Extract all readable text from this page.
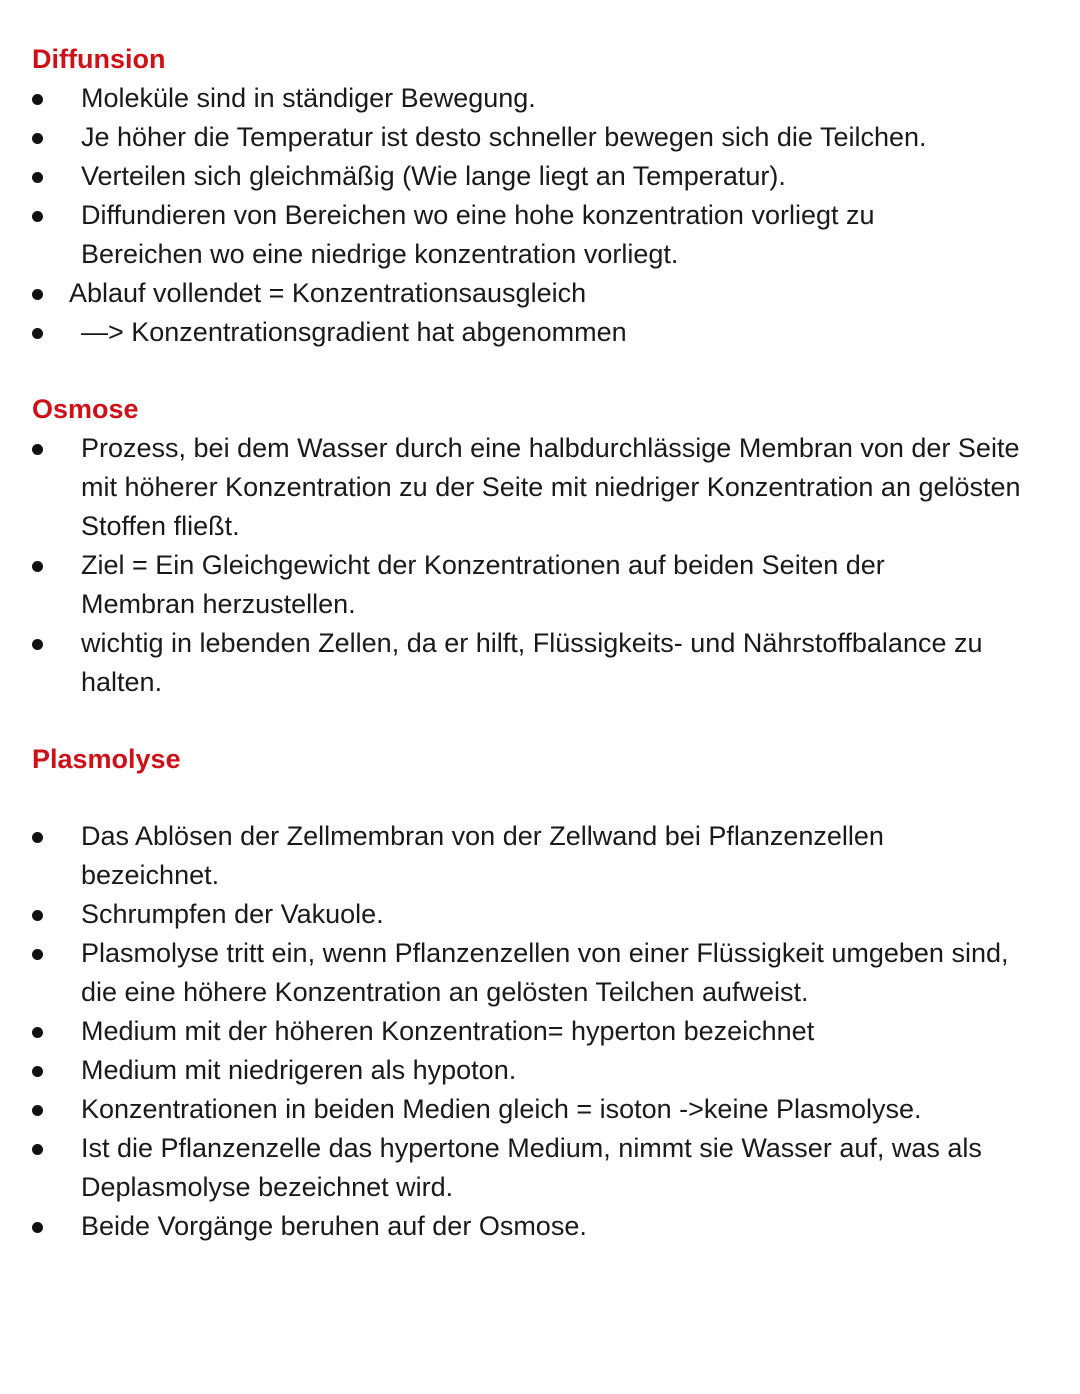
Diffunsion
Moleküle sind in ständiger Bewegung.
Je höher die Temperatur ist desto schneller bewegen sich die Teilchen.
Verteilen sich gleichmäßig (Wie lange liegt an Temperatur).
Diffundieren von Bereichen wo eine hohe konzentration vorliegt zu Bereichen wo eine niedrige konzentration vorliegt.
Ablauf vollendet = Konzentrationsausgleich
—> Konzentrationsgradient hat abgenommen
Osmose
Prozess, bei dem Wasser durch eine halbdurchlässige Membran von der Seite mit höherer Konzentration zu der Seite mit niedriger Konzentration an gelösten Stoffen fließt.
Ziel = Ein Gleichgewicht der Konzentrationen auf beiden Seiten der Membran herzustellen.
wichtig in lebenden Zellen, da er hilft, Flüssigkeits- und Nährstoffbalance zu halten.
Plasmolyse
Das Ablösen der Zellmembran von der Zellwand bei Pflanzenzellen bezeichnet.
Schrumpfen der Vakuole.
Plasmolyse tritt ein, wenn Pflanzenzellen von einer Flüssigkeit umgeben sind, die eine höhere Konzentration an gelösten Teilchen aufweist.
Medium mit der höheren Konzentration= hyperton bezeichnet
Medium mit niedrigeren als hypoton.
Konzentrationen in beiden Medien gleich = isoton ->keine Plasmolyse.
Ist die Pflanzenzelle das hypertone Medium, nimmt sie Wasser auf, was als Deplasmolyse bezeichnet wird.
Beide Vorgänge beruhen auf der Osmose.
